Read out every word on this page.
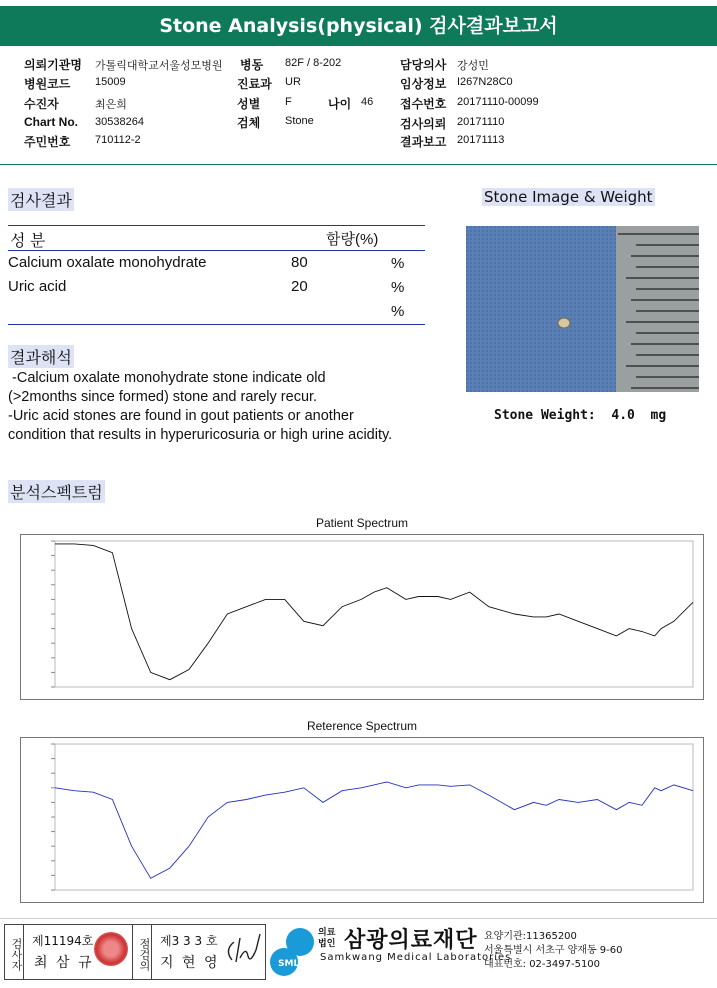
Stone Analysis(physical) 검사결과보고서
의뢰기관명 가톨릭대학교서울성모병원 병동 82F / 8-202	담당의사 강성민
병원코드 15009	진료과 UR	임상정보 I267N28C0
수진자	최은희	성별 F	나이 46 접수번호 20171110-00099
Chart No. 30538264	검체 Stone	검사의뢰 20171110
주민번호 710112-2	결과보고 20171113
검사결과	Stone Image & Weight
성 분	함량(%)
Calcium oxalate monohydrate	80	%
Uric acid	20	%
%
Stone Weight:  4.0  mg
결과해석
-Calcium oxalate monohydrate stone indicate old
(>2months since formed) stone and rarely recur.
-Uric acid stones are found in gout patients or another
condition that results in hyperuricosuria or high urine acidity.
분석스펙트럼
Patient Spectrum
Reterence Spectrum
검사자 제11194호
최 삼 규	점검의 제3 3 3 호
지 현 영	SML
의료법인 삼광의료재단
Samkwang Medical Laboratories
요양기관:11365200
서울특별시 서초구 양재동 9-60
대표번호: 02-3497-5100
